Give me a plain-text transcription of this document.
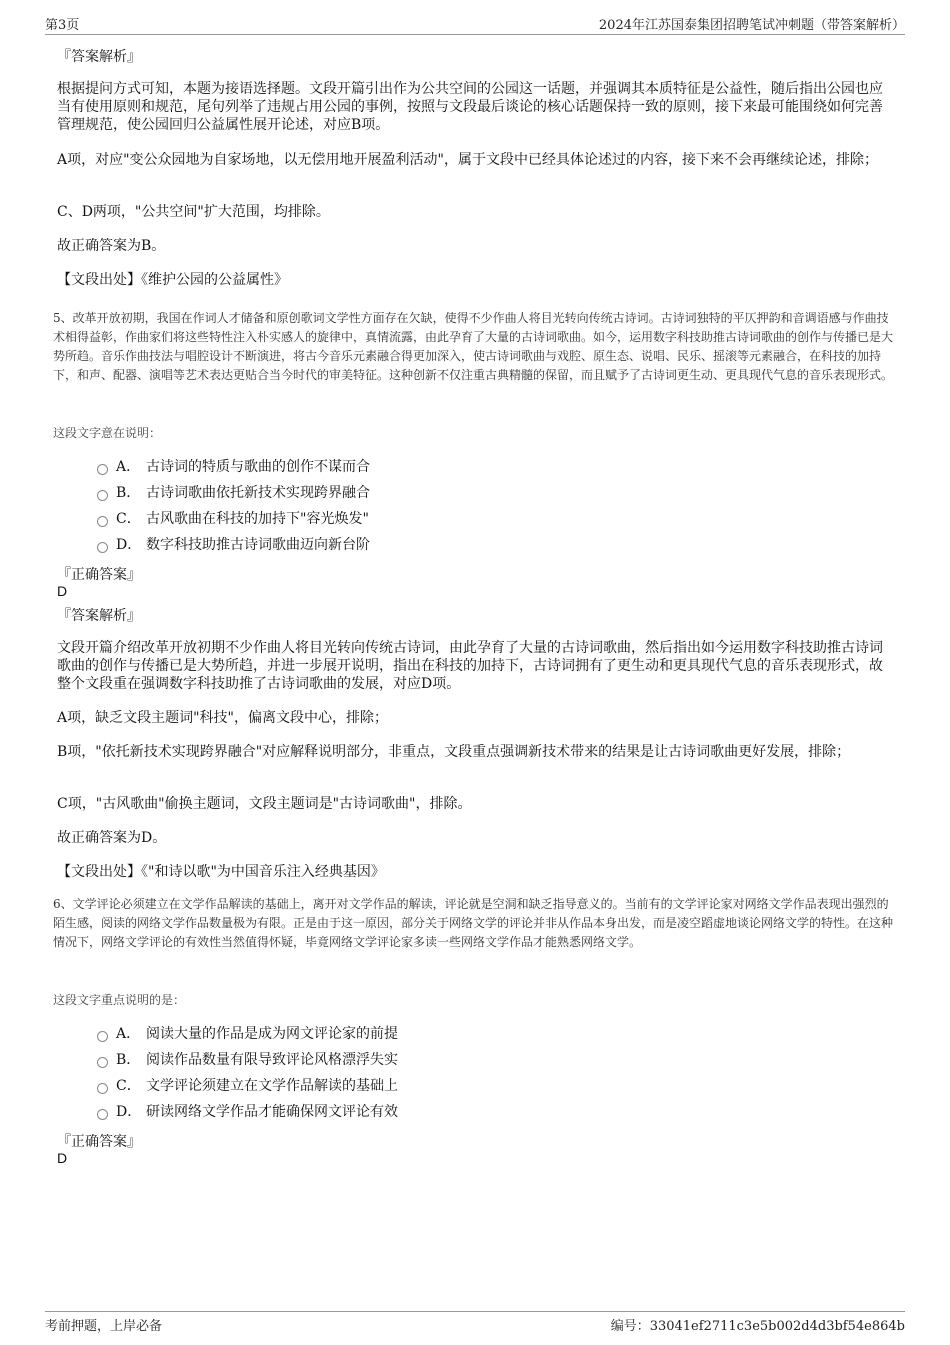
第3页	2024年江苏国泰集团招聘笔试冲刺题（带答案解析）
『答案解析』
根据提问方式可知，本题为接语选择题。文段开篇引出作为公共空间的公园这一话题，并强调其本质特征是公益性，随后指出公园也应当有使用原则和规范，尾句列举了违规占用公园的事例，按照与文段最后谈论的核心话题保持一致的原则，接下来最可能围绕如何完善管理规范，使公园回归公益属性展开论述，对应B项。
A项，对应"变公众园地为自家场地，以无偿用地开展盈利活动"，属于文段中已经具体论述过的内容，接下来不会再继续论述，排除；
C、D两项，"公共空间"扩大范围，均排除。
故正确答案为B。
【文段出处】《维护公园的公益属性》
5、改革开放初期，我国在作词人才储备和原创歌词文学性方面存在欠缺，使得不少作曲人将目光转向传统古诗词。古诗词独特的平仄押韵和音调语感与作曲技术相得益彰，作曲家们将这些特性注入朴实感人的旋律中，真情流露，由此孕育了大量的古诗词歌曲。如今，运用数字科技助推古诗词歌曲的创作与传播已是大势所趋。音乐作曲技法与唱腔设计不断演进，将古今音乐元素融合得更加深入，使古诗词歌曲与戏腔、原生态、说唱、民乐、摇滚等元素融合，在科技的加持下，和声、配器、演唱等艺术表达更贴合当今时代的审美特征。这种创新不仅注重古典精髓的保留，而且赋予了古诗词更生动、更具现代气息的音乐表现形式。
这段文字意在说明：
A． 古诗词的特质与歌曲的创作不谋而合
B． 古诗词歌曲依托新技术实现跨界融合
C． 古风歌曲在科技的加持下"容光焕发"
D． 数字科技助推古诗词歌曲迈向新台阶
『正确答案』
D
『答案解析』
文段开篇介绍改革开放初期不少作曲人将目光转向传统古诗词，由此孕育了大量的古诗词歌曲，然后指出如今运用数字科技助推古诗词歌曲的创作与传播已是大势所趋，并进一步展开说明，指出在科技的加持下，古诗词拥有了更生动和更具现代气息的音乐表现形式，故整个文段重在强调数字科技助推了古诗词歌曲的发展，对应D项。
A项，缺乏文段主题词"科技"，偏离文段中心，排除；
B项，"依托新技术实现跨界融合"对应解释说明部分，非重点，文段重点强调新技术带来的结果是让古诗词歌曲更好发展，排除；
C项，"古风歌曲"偷换主题词，文段主题词是"古诗词歌曲"，排除。
故正确答案为D。
【文段出处】《"和诗以歌"为中国音乐注入经典基因》
6、文学评论必须建立在文学作品解读的基础上，离开对文学作品的解读，评论就是空洞和缺乏指导意义的。当前有的文学评论家对网络文学作品表现出强烈的陌生感，阅读的网络文学作品数量极为有限。正是由于这一原因，部分关于网络文学的评论并非从作品本身出发，而是凌空蹈虚地谈论网络文学的特性。在这种情况下，网络文学评论的有效性当然值得怀疑，毕竟网络文学评论家多读一些网络文学作品才能熟悉网络文学。
这段文字重点说明的是：
A． 阅读大量的作品是成为网文评论家的前提
B． 阅读作品数量有限导致评论风格漂浮失实
C． 文学评论须建立在文学作品解读的基础上
D． 研读网络文学作品才能确保网文评论有效
『正确答案』
D
考前押题，上岸必备	编号：33041ef2711c3e5b002d4d3bf54e864b
